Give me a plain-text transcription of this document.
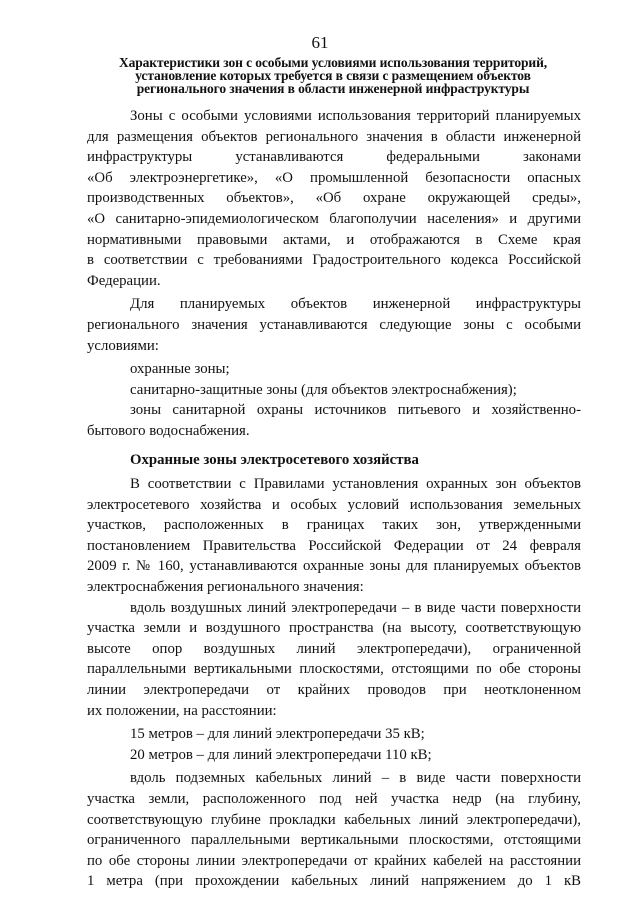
61
Характеристики зон с особыми условиями использования территорий,
установление которых требуется в связи с размещением объектов
регионального значения в области инженерной инфраструктуры
Зоны с особыми условиями использования территорий планируемых
для размещения объектов регионального значения в области инженерной
инфраструктуры устанавливаются федеральными законами
«Об электроэнергетике», «О промышленной безопасности опасных
производственных объектов», «Об охране окружающей среды»,
«О санитарно-эпидемиологическом благополучии населения» и другими
нормативными правовыми актами, и отображаются в Схеме края
в соответствии с требованиями Градостроительного кодекса Российской
Федерации.
Для планируемых объектов инженерной инфраструктуры
регионального значения устанавливаются следующие зоны с особыми
условиями:
охранные зоны;
санитарно-защитные зоны (для объектов электроснабжения);
зоны санитарной охраны источников питьевого и хозяйственно-
бытового водоснабжения.
Охранные зоны электросетевого хозяйства
В соответствии с Правилами установления охранных зон объектов
электросетевого хозяйства и особых условий использования земельных
участков, расположенных в границах таких зон, утвержденными
постановлением Правительства Российской Федерации от 24 февраля
2009 г. № 160, устанавливаются охранные зоны для планируемых объектов
электроснабжения регионального значения:
вдоль воздушных линий электропередачи – в виде части поверхности
участка земли и воздушного пространства (на высоту, соответствующую
высоте опор воздушных линий электропередачи), ограниченной
параллельными вертикальными плоскостями, отстоящими по обе стороны
линии электропередачи от крайних проводов при неотклоненном
их положении, на расстоянии:
15 метров – для линий электропередачи 35 кВ;
20 метров – для линий электропередачи 110 кВ;
вдоль подземных кабельных линий – в виде части поверхности
участка земли, расположенного под ней участка недр (на глубину,
соответствующую глубине прокладки кабельных линий электропередачи),
ограниченного параллельными вертикальными плоскостями, отстоящими
по обе стороны линии электропередачи от крайних кабелей на расстоянии
1 метра (при прохождении кабельных линий напряжением до 1 кВ
